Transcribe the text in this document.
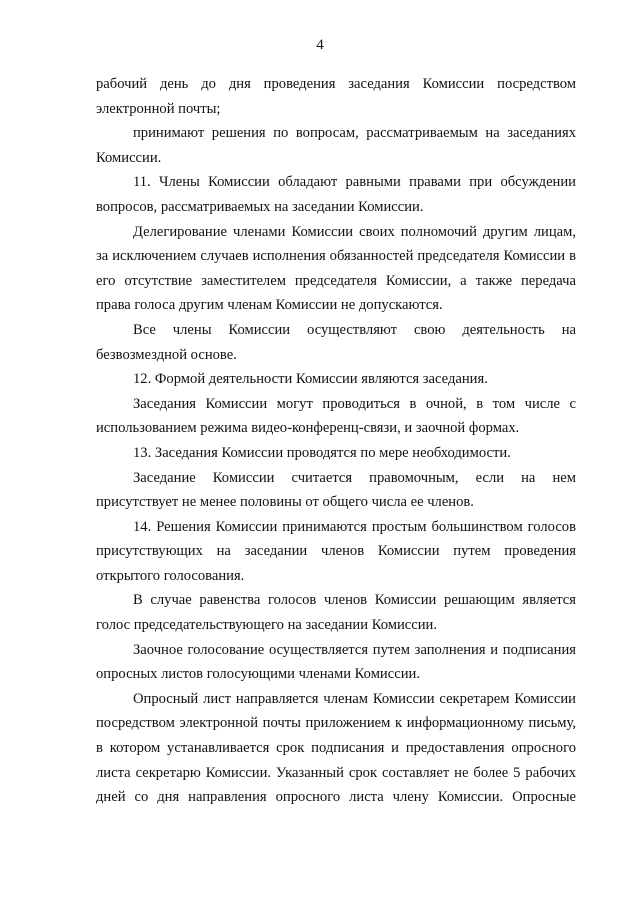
4

рабочий день до дня проведения заседания Комиссии посредством электронной почты;

принимают решения по вопросам, рассматриваемым на заседаниях Комиссии.

11. Члены Комиссии обладают равными правами при обсуждении вопросов, рассматриваемых на заседании Комиссии.

Делегирование членами Комиссии своих полномочий другим лицам, за исключением случаев исполнения обязанностей председателя Комиссии в его отсутствие заместителем председателя Комиссии, а также передача права голоса другим членам Комиссии не допускаются.

Все члены Комиссии осуществляют свою деятельность на безвозмездной основе.

12. Формой деятельности Комиссии являются заседания.

Заседания Комиссии могут проводиться в очной, в том числе с использованием режима видео-конференц-связи, и заочной формах.

13. Заседания Комиссии проводятся по мере необходимости.

Заседание Комиссии считается правомочным, если на нем присутствует не менее половины от общего числа ее членов.

14. Решения Комиссии принимаются простым большинством голосов присутствующих на заседании членов Комиссии путем проведения открытого голосования.

В случае равенства голосов членов Комиссии решающим является голос председательствующего на заседании Комиссии.

Заочное голосование осуществляется путем заполнения и подписания опросных листов голосующими членами Комиссии.

Опросный лист направляется членам Комиссии секретарем Комиссии посредством электронной почты приложением к информационному письму, в котором устанавливается срок подписания и предоставления опросного листа секретарю Комиссии. Указанный срок составляет не более 5 рабочих дней со дня направления опросного листа члену Комиссии. Опросные
